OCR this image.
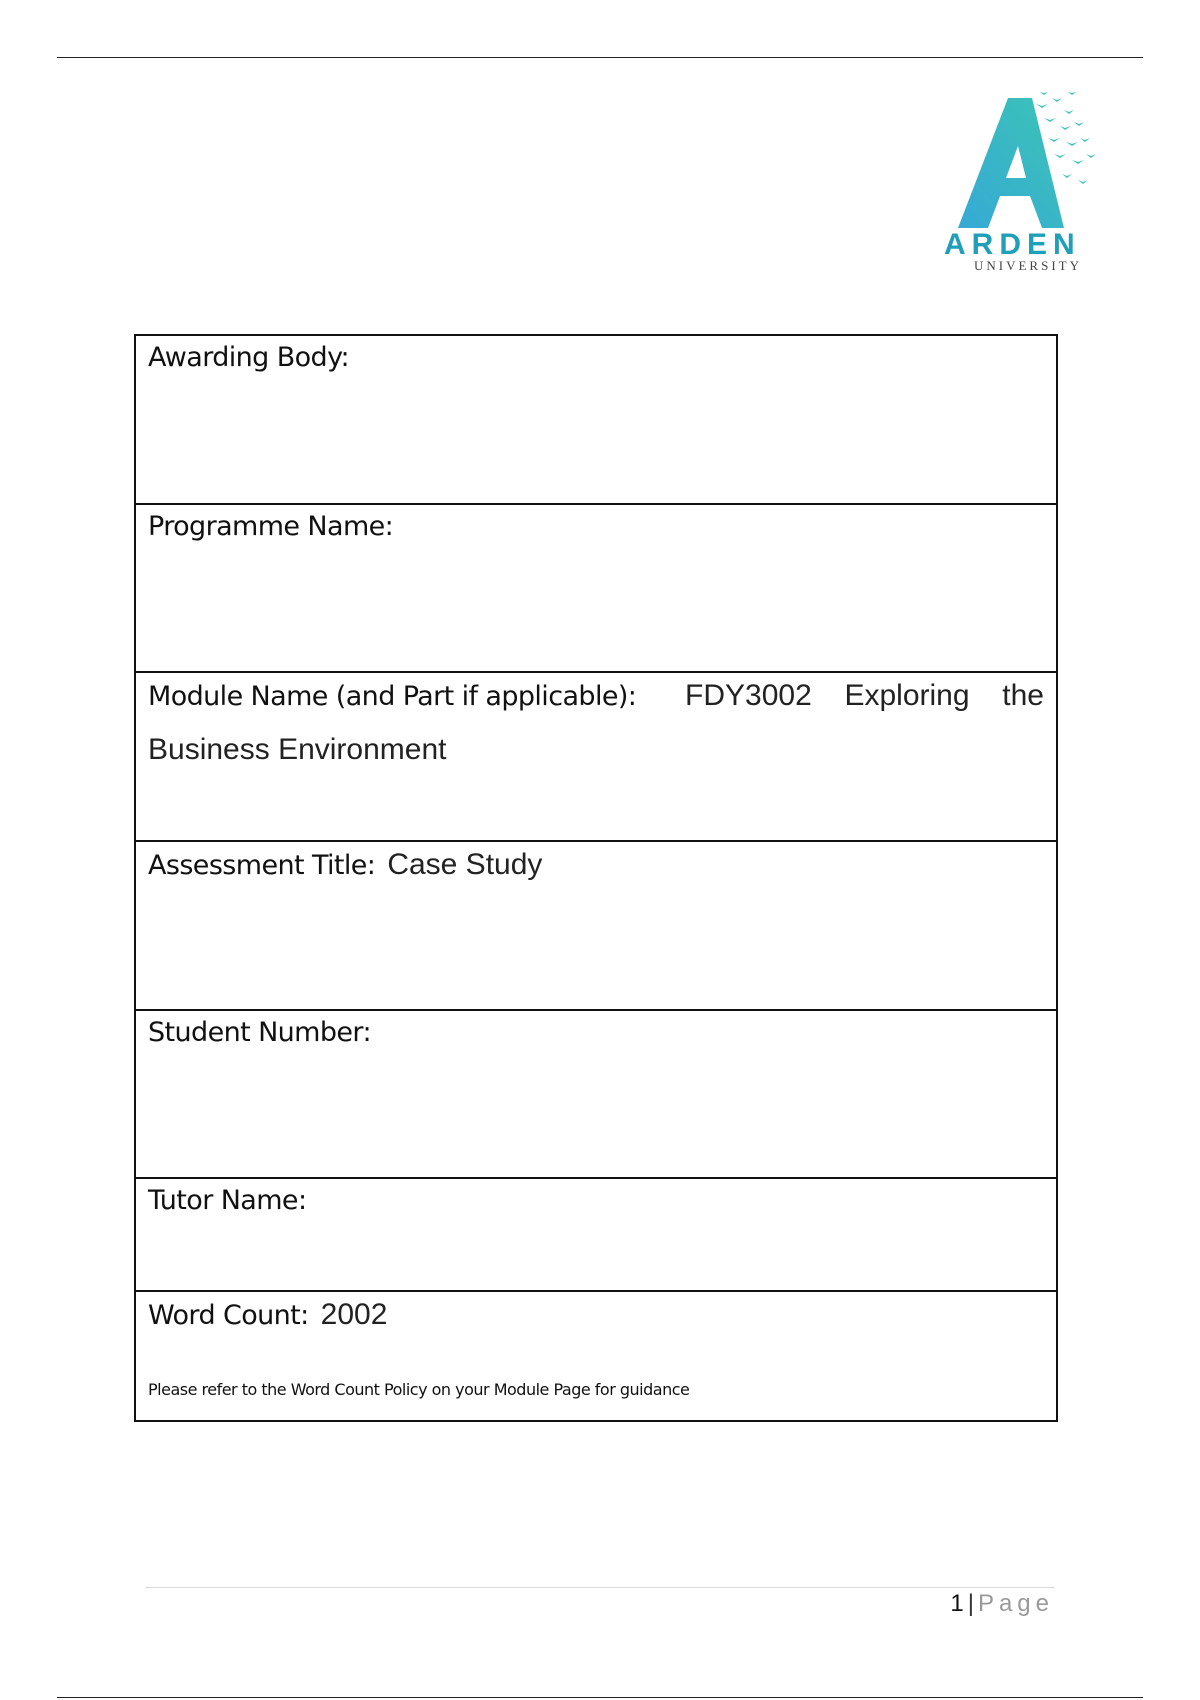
ARDEN
UNIVERSITY
Awarding Body:
Programme Name:
Module Name (and Part if applicable): FDY3002 Exploring the
Business Environment
Assessment Title: Case Study
Student Number:
Tutor Name:
Word Count: 2002
Please refer to the Word Count Policy on your Module Page for guidance
1 | Page
